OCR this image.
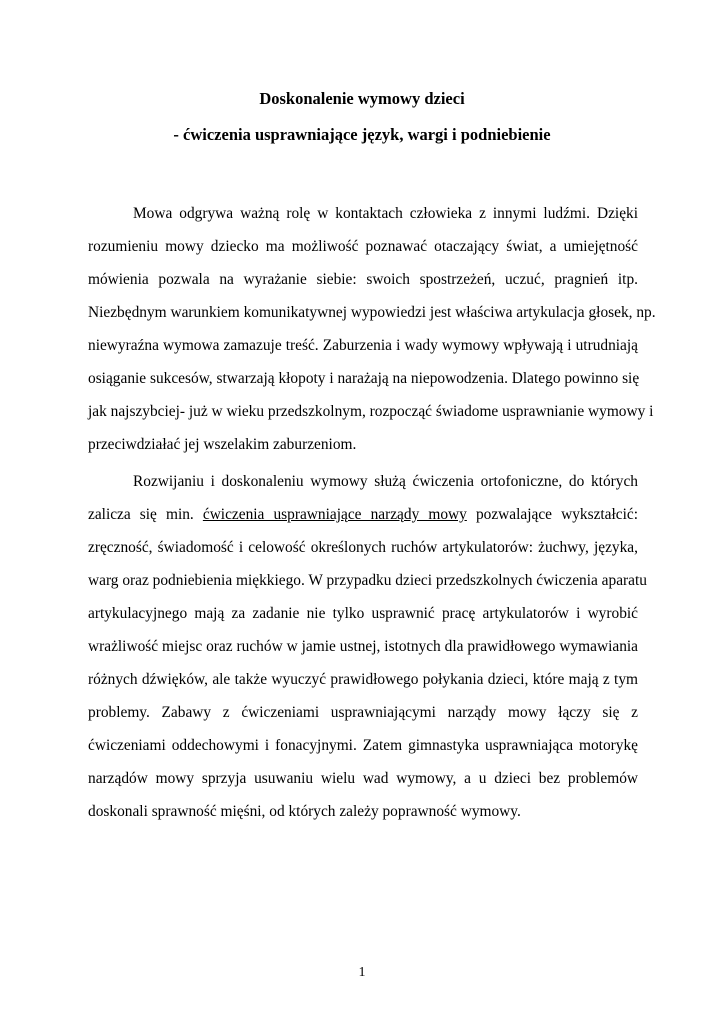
Doskonalenie wymowy dzieci
- ćwiczenia usprawniające język, wargi i podniebienie
Mowa odgrywa ważną rolę w kontaktach człowieka z innymi ludźmi. Dzięki
rozumieniu mowy dziecko ma możliwość poznawać otaczający świat, a umiejętność
mówienia pozwala na wyrażanie siebie: swoich spostrzeżeń, uczuć, pragnień itp.
Niezbędnym warunkiem komunikatywnej wypowiedzi jest właściwa artykulacja głosek, np.
niewyraźna wymowa zamazuje treść. Zaburzenia i wady wymowy wpływają i utrudniają
osiąganie sukcesów, stwarzają kłopoty i narażają na niepowodzenia. Dlatego powinno się
jak najszybciej- już w wieku przedszkolnym, rozpocząć świadome usprawnianie wymowy i
przeciwdziałać jej wszelakim zaburzeniom.
Rozwijaniu i doskonaleniu wymowy służą ćwiczenia ortofoniczne, do których
zalicza się min. ćwiczenia usprawniające narządy mowy pozwalające wykształcić:
zręczność, świadomość i celowość określonych ruchów artykulatorów: żuchwy, języka,
warg oraz podniebienia miękkiego. W przypadku dzieci przedszkolnych ćwiczenia aparatu
artykulacyjnego mają za zadanie nie tylko usprawnić pracę artykulatorów i wyrobić
wrażliwość miejsc oraz ruchów w jamie ustnej, istotnych dla prawidłowego wymawiania
różnych dźwięków, ale także wyuczyć prawidłowego połykania dzieci, które mają z tym
problemy. Zabawy z ćwiczeniami usprawniającymi narządy mowy łączy się z
ćwiczeniami oddechowymi i fonacyjnymi. Zatem gimnastyka usprawniająca motorykę
narządów mowy sprzyja usuwaniu wielu wad wymowy, a u dzieci bez problemów
doskonali sprawność mięśni, od których zależy poprawność wymowy.
1
